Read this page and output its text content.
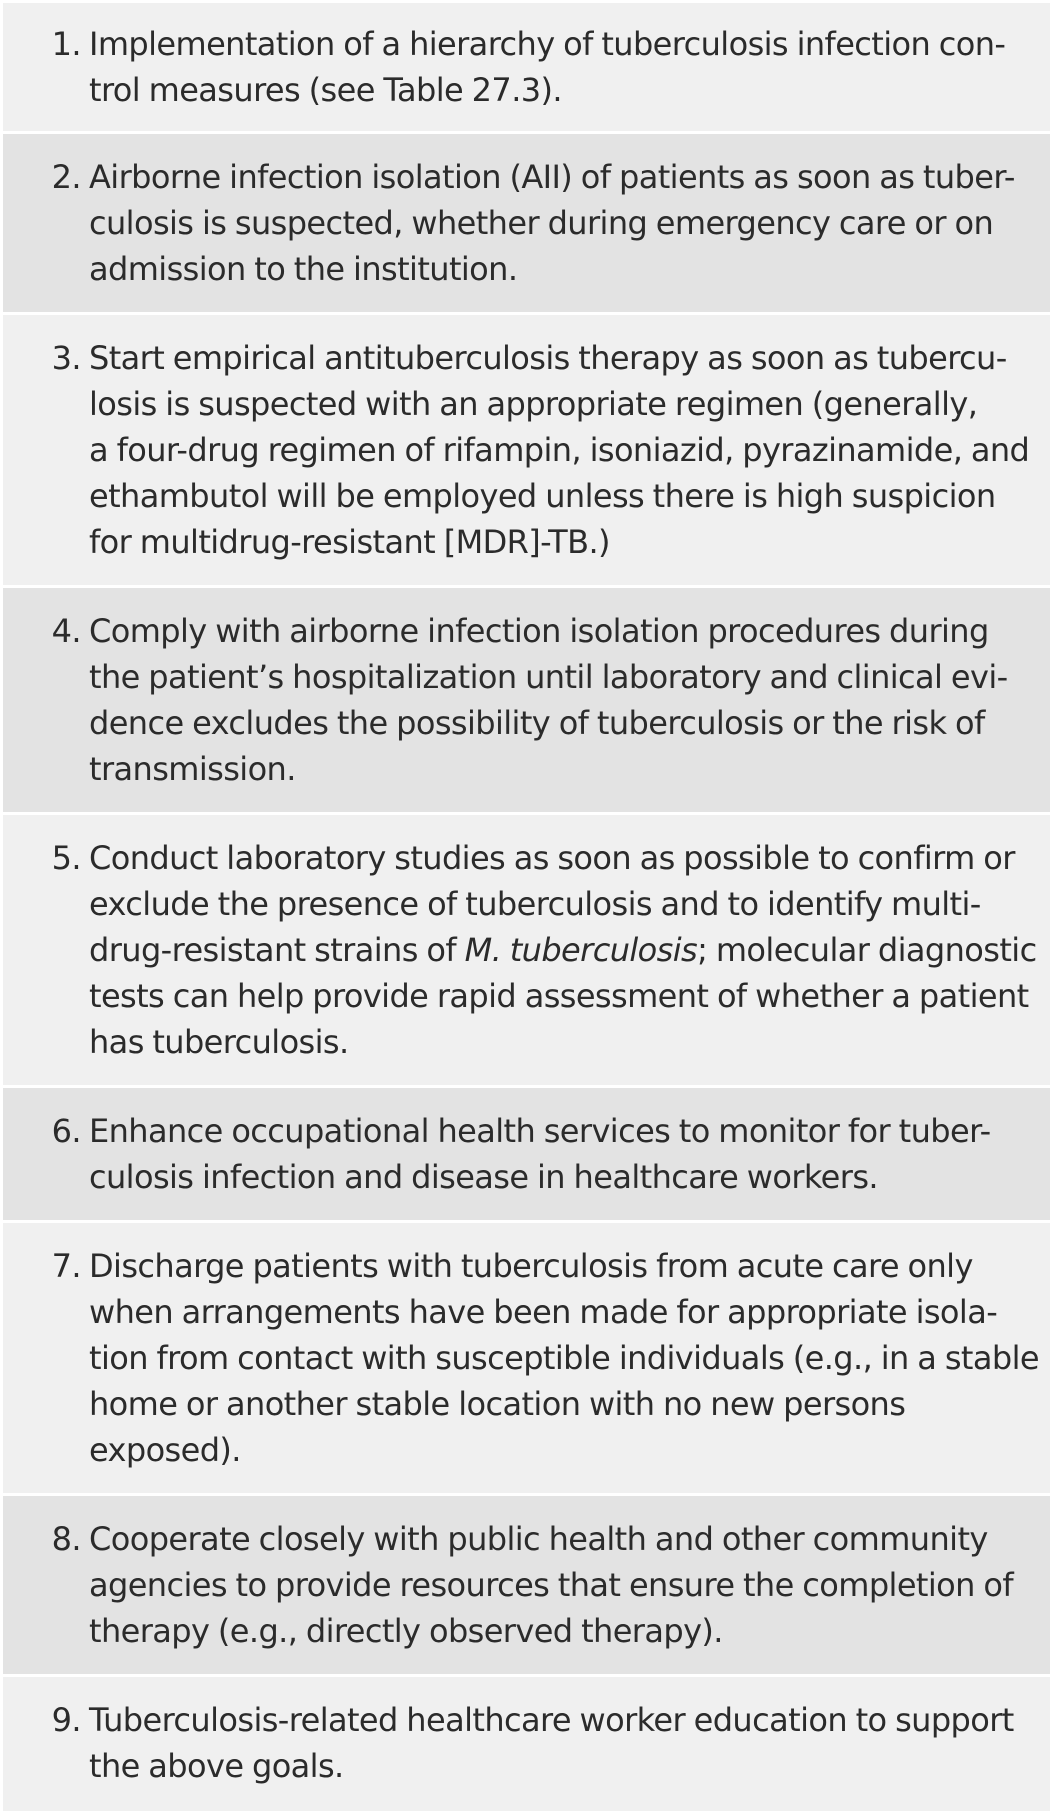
1. Implementation of a hierarchy of tuberculosis infection con-
trol measures (see Table 27.3).
2. Airborne infection isolation (AII) of patients as soon as tuber-
culosis is suspected, whether during emergency care or on
admission to the institution.
3. Start empirical antituberculosis therapy as soon as tubercu-
losis is suspected with an appropriate regimen (generally,
a four-drug regimen of rifampin, isoniazid, pyrazinamide, and
ethambutol will be employed unless there is high suspicion
for multidrug-resistant [MDR]-TB.)
4. Comply with airborne infection isolation procedures during
the patient’s hospitalization until laboratory and clinical evi-
dence excludes the possibility of tuberculosis or the risk of
transmission.
5. Conduct laboratory studies as soon as possible to confirm or
exclude the presence of tuberculosis and to identify multi-
drug-resistant strains of M. tuberculosis; molecular diagnostic
tests can help provide rapid assessment of whether a patient
has tuberculosis.
6. Enhance occupational health services to monitor for tuber-
culosis infection and disease in healthcare workers.
7. Discharge patients with tuberculosis from acute care only
when arrangements have been made for appropriate isola-
tion from contact with susceptible individuals (e.g., in a stable
home or another stable location with no new persons
exposed).
8. Cooperate closely with public health and other community
agencies to provide resources that ensure the completion of
therapy (e.g., directly observed therapy).
9. Tuberculosis-related healthcare worker education to support
the above goals.
